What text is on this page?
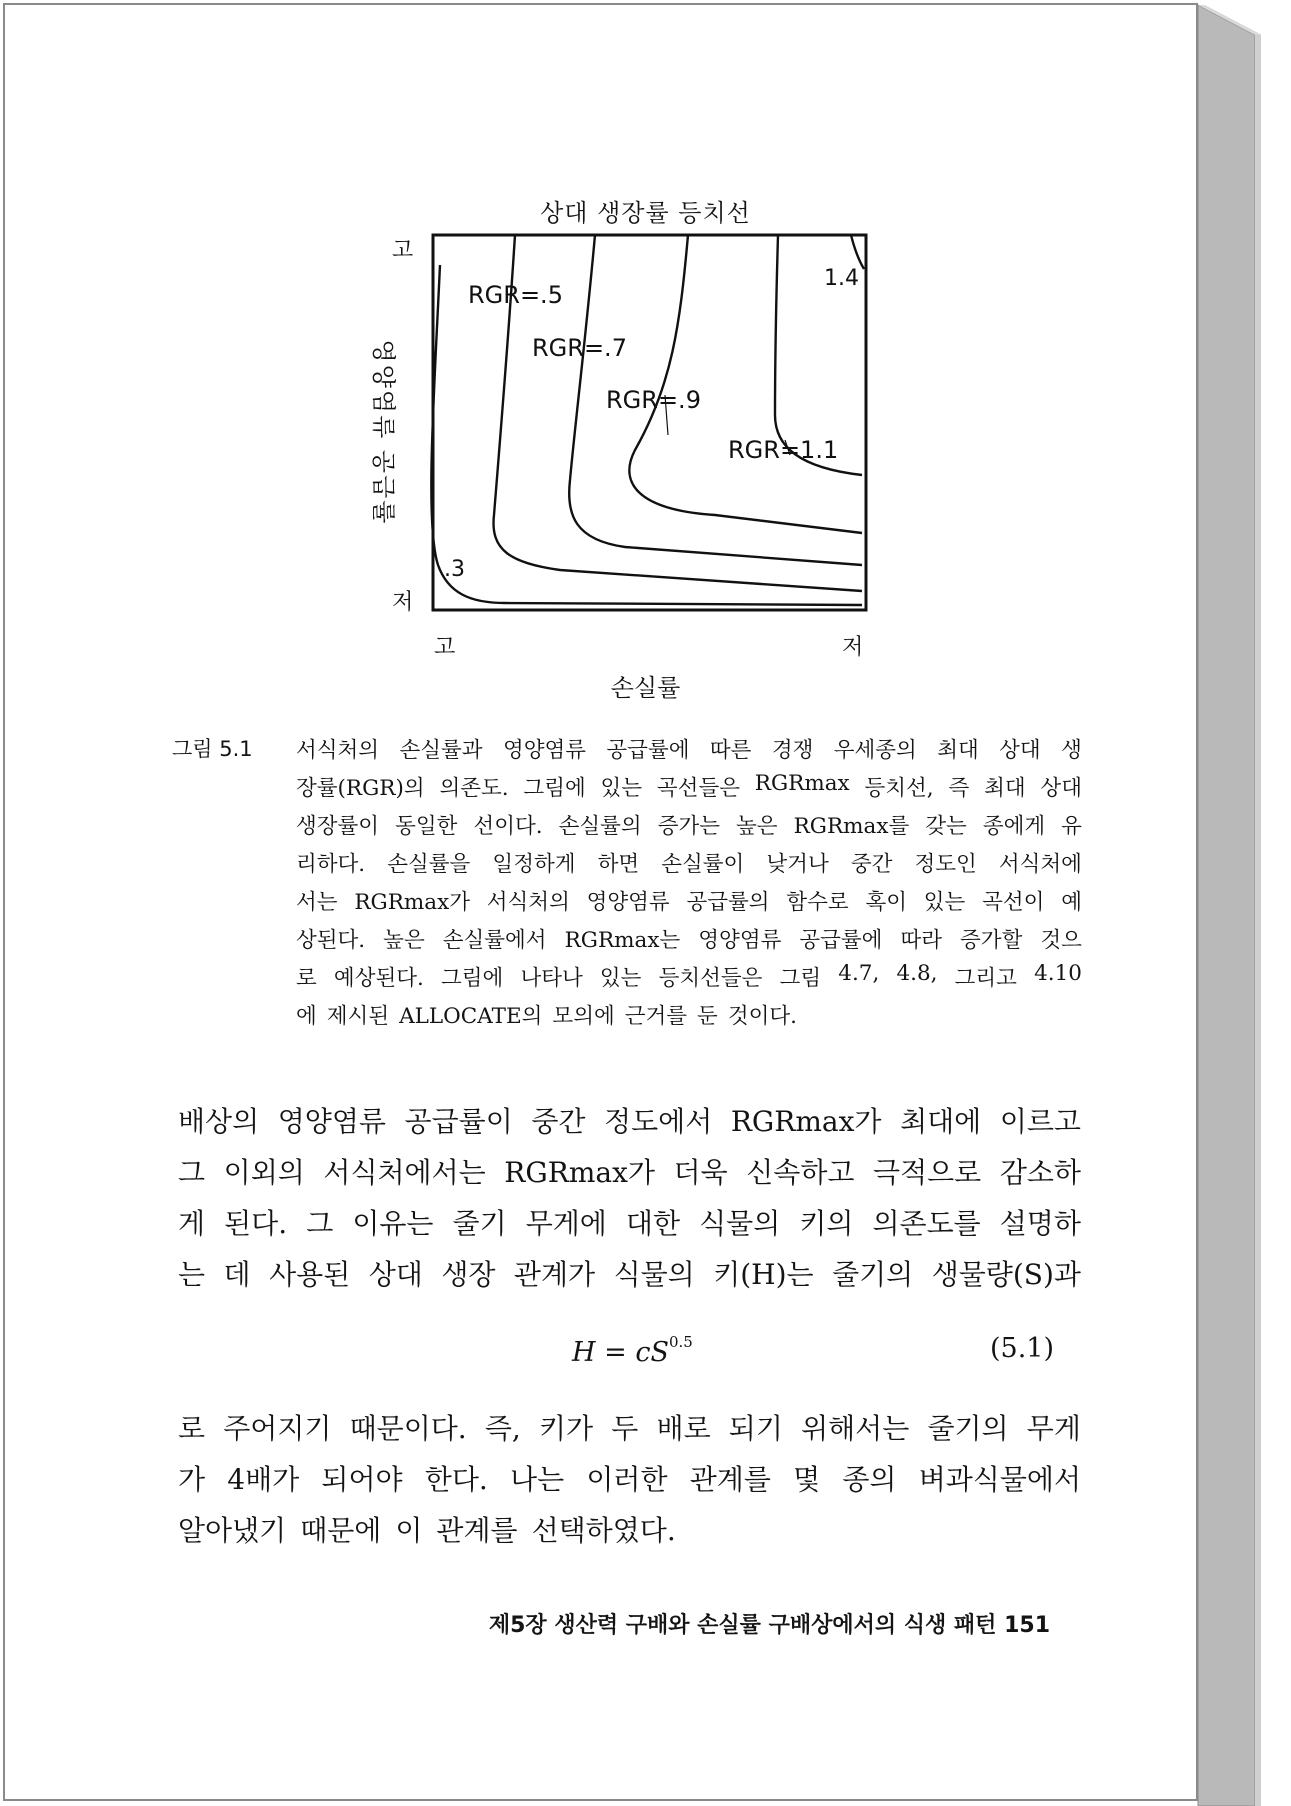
상대 생장률 등치선
고
저
고	저
영양염류 공급률
손실률
RGR=.5
RGR=.7
RGR=.9
RGR=1.1
1.4
.3
그림 5.1 서식처의 손실률과 영양염류 공급률에 따른 경쟁 우세종의 최대 상대 생
장률(RGR)의 의존도. 그림에 있는 곡선들은 RGRmax 등치선, 즉 최대 상대
생장률이 동일한 선이다. 손실률의 증가는 높은 RGRmax를 갖는 종에게 유
리하다. 손실률을 일정하게 하면 손실률이 낮거나 중간 정도인 서식처에
서는 RGRmax가 서식처의 영양염류 공급률의 함수로 혹이 있는 곡선이 예
상된다. 높은 손실률에서 RGRmax는 영양염류 공급률에 따라 증가할 것으
로 예상된다. 그림에 나타나 있는 등치선들은 그림 4.7, 4.8, 그리고 4.10
에 제시된 ALLOCATE의 모의에 근거를 둔 것이다.
배상의 영양염류 공급률이 중간 정도에서 RGRmax가 최대에 이르고
그 이외의 서식처에서는 RGRmax가 더욱 신속하고 극적으로 감소하
게 된다. 그 이유는 줄기 무게에 대한 식물의 키의 의존도를 설명하
는 데 사용된 상대 생장 관계가 식물의 키(H)는 줄기의 생물량(S)과
$H = cS^{0.5}$	(5.1)
로 주어지기 때문이다. 즉, 키가 두 배로 되기 위해서는 줄기의 무게
가 4배가 되어야 한다. 나는 이러한 관계를 몇 종의 벼과식물에서
알아냈기 때문에 이 관계를 선택하였다.
제5장 생산력 구배와 손실률 구배상에서의 식생 패턴 151
